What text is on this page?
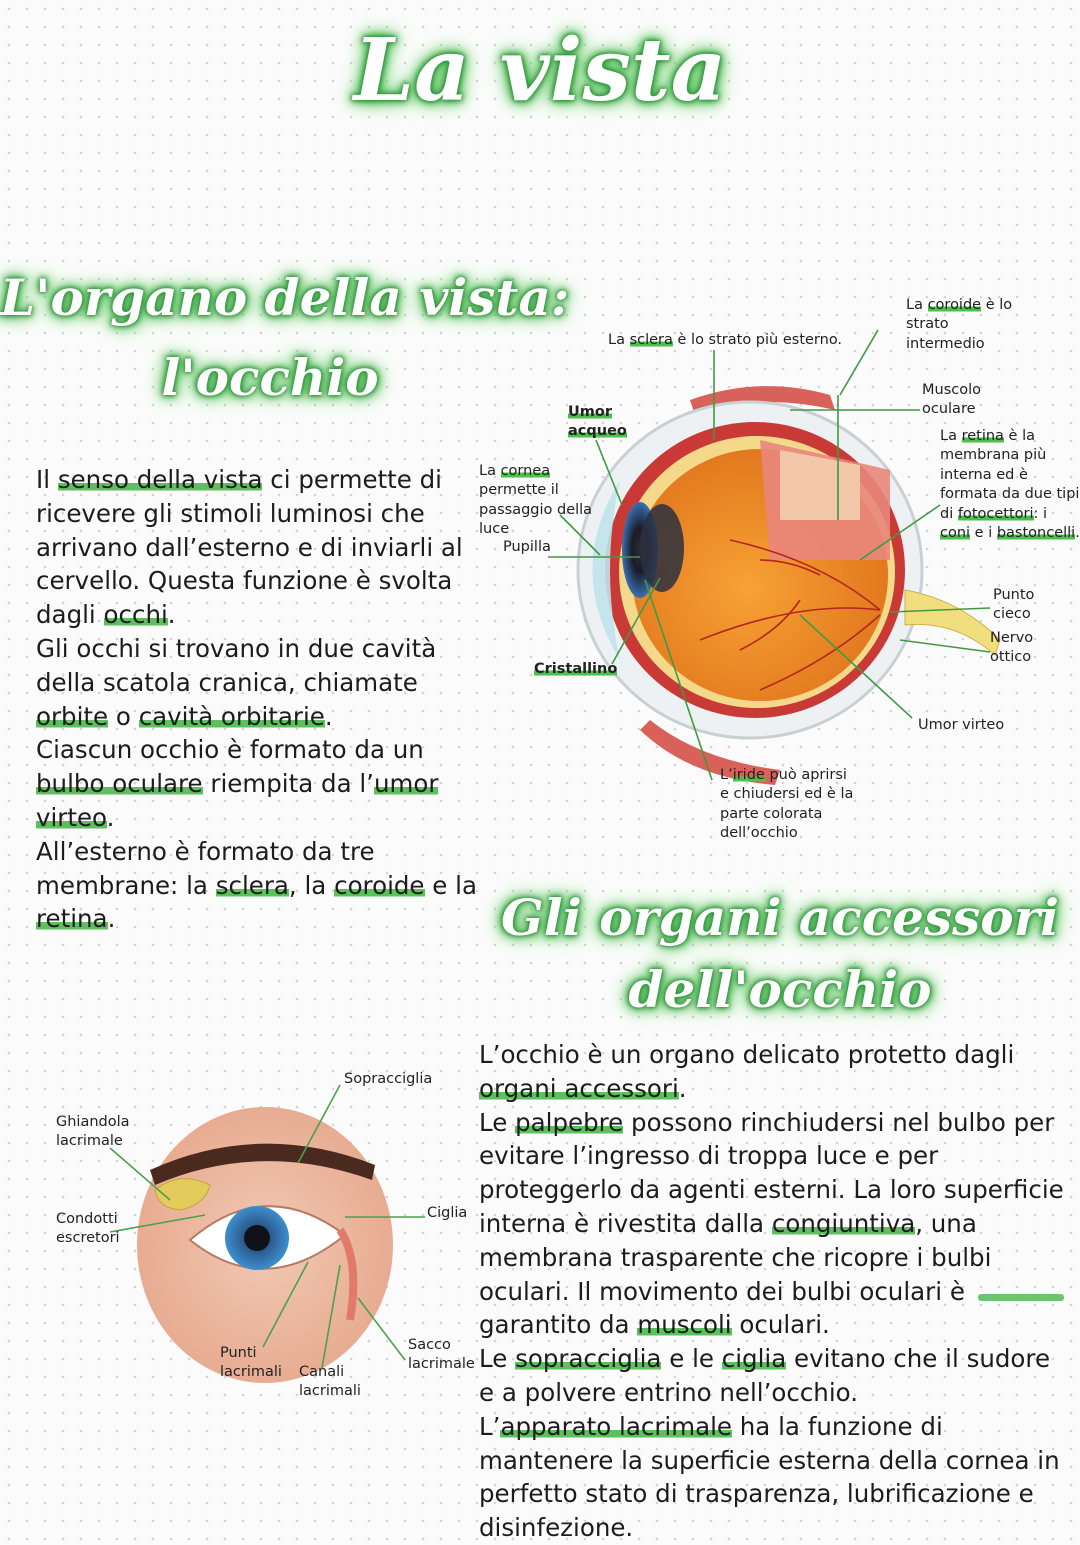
La vista
L'organo della vista:
l'occhio
Gli organi accessori
dell'occhio

Il senso della vista ci permette di ricevere gli stimoli luminosi che arrivano dall’esterno e di inviarli al cervello. Questa funzione è svolta dagli occhi.

Gli occhi si trovano in due cavità della scatola cranica, chiamate orbite o cavità orbitarie.

Ciascun occhio è formato da un bulbo oculare riempita da l’umor virteo.

All’esterno è formato da tre membrane: la sclera, la coroide e la retina.

L’occhio è un organo delicato protetto dagli organi accessori.

Le palpebre possono rinchiudersi nel bulbo per evitare l’ingresso di troppa luce e per proteggerlo da agenti esterni. La loro superficie interna è rivestita dalla congiuntiva, una membrana trasparente che ricopre i bulbi oculari. Il movimento dei bulbi oculari è garantito da muscoli oculari.

Le sopracciglia e le ciglia evitano che il sudore e a polvere entrino nell’occhio.

L’apparato lacrimale ha la funzione di mantenere la superficie esterna della cornea in perfetto stato di trasparenza, lubrificazione e disinfezione.

La sclera è lo strato più esterno.
La coroide è lo strato intermedio
Umor acqueo
Muscolo oculare
La cornea permette il passaggio della luce
La retina è la membrana più interna ed è formata da due tipi di fotocettori: i coni e i bastoncelli.
Pupilla
Punto cieco
Nervo ottico
Cristallino
Umor virteo
L’iride può aprirsi e chiudersi ed è la parte colorata dell’occhio
Sopracciglia
Ghiandola lacrimale
Condotti escretori
Ciglia
Punti lacrimali Canali lacrimali
Sacco lacrimale
